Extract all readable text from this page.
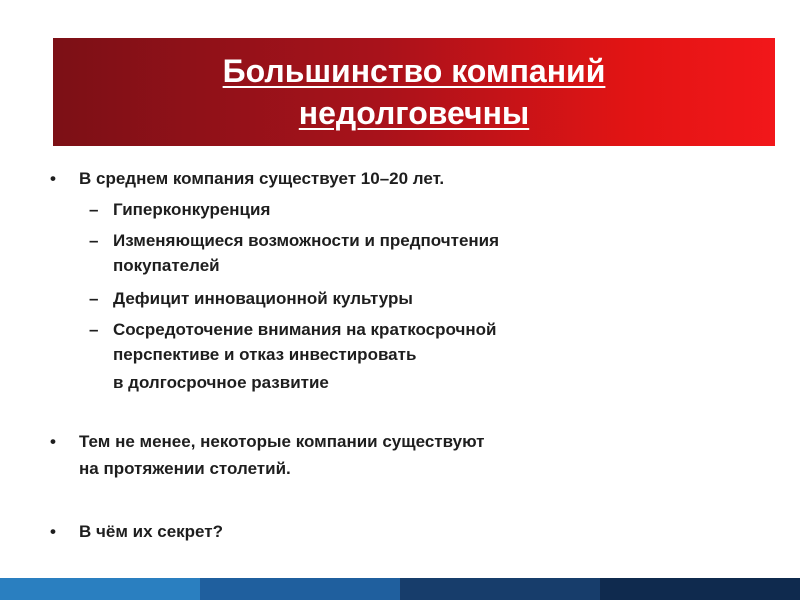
Большинство компаний
недолговечны
• В среднем компания существует 10–20 лет.
– Гиперконкуренция
– Изменяющиеся возможности и предпочтения
покупателей
– Дефицит инновационной культуры
– Сосредоточение внимания на краткосрочной
перспективе и отказ инвестировать
в долгосрочное развитие
• Тем не менее, некоторые компании существуют
на протяжении столетий.
• В чём их секрет?
